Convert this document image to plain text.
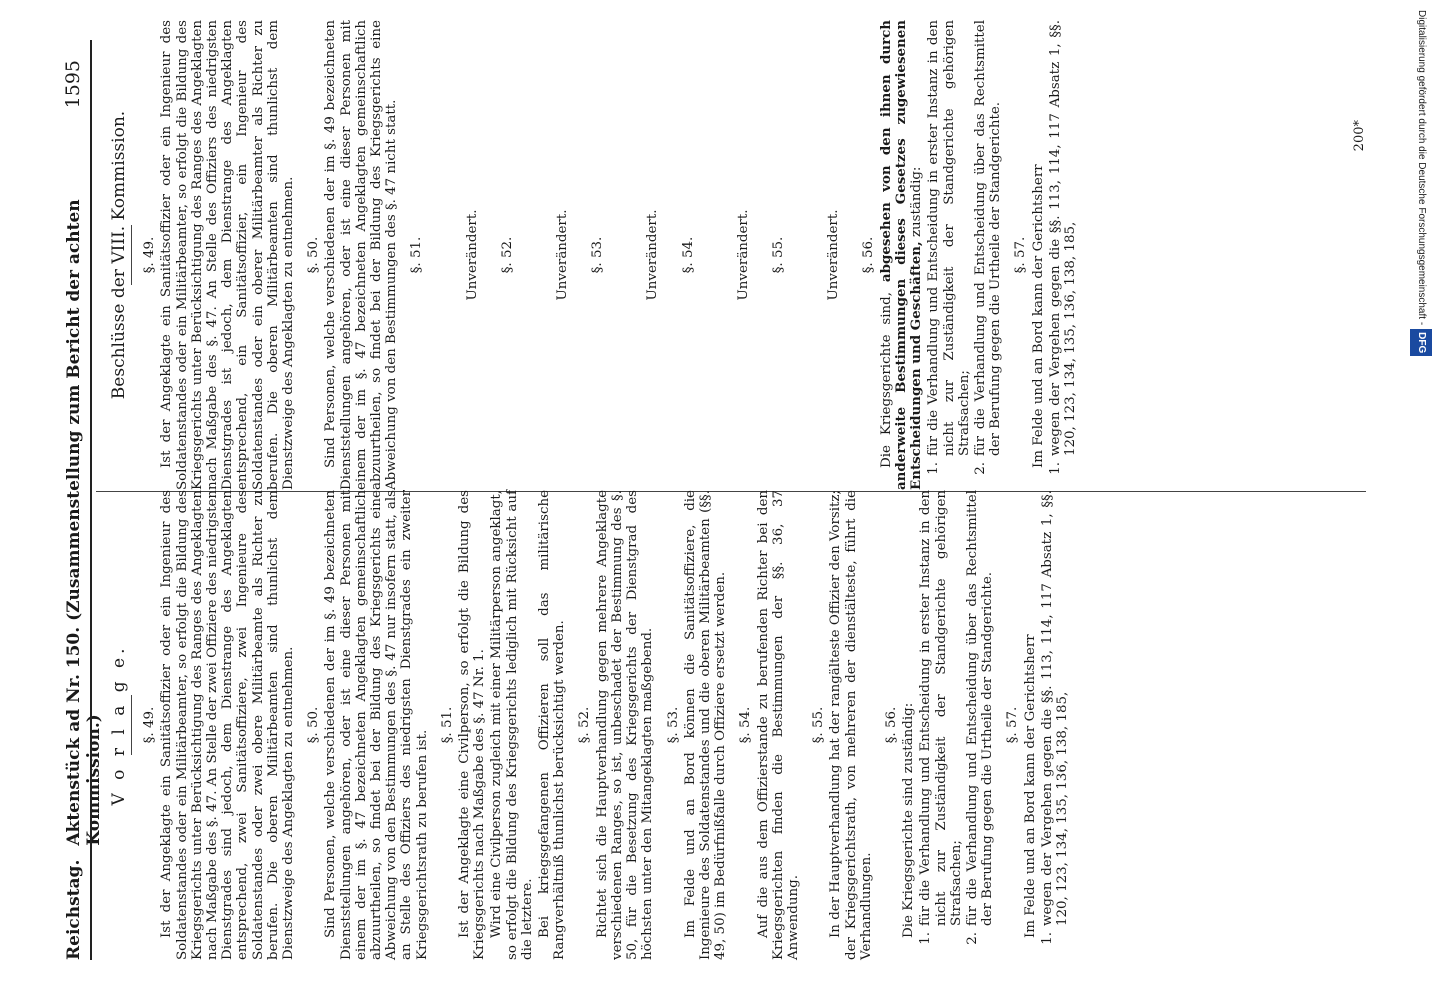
Reichstag.
Aktenstück ad Nr. 150. (Zusammenstellung zum Bericht der achten Kommission.)
1595
V o r l a g e. §. 49. Ist der Angeklagte ein Sanitätsoffizier oder ein Ingenieur des Soldatenstandes oder ein Militärbeamter, so erfolgt die Bildung des Kriegsgerichts unter Berücksichtigung des Ranges des Angeklagten nach Maßgabe des §. 47. An Stelle der zwei Offiziere des niedrigsten Dienstgrades sind jedoch, dem Dienstrange des Angeklagten entsprechend, zwei Sanitätsoffiziere, zwei Ingenieure des Soldatenstandes oder zwei obere Militärbeamte als Richter zu berufen. Die oberen Militärbeamten sind thunlichst dem Dienstzweige des Angeklagten zu entnehmen. §. 50. Sind Personen, welche verschiedenen der im §. 49 bezeichneten Dienststellungen angehören, oder ist eine dieser Personen mit einem der im §. 47 bezeichneten Angeklagten gemeinschaftlich abzuurtheilen, so findet bei der Bildung des Kriegsgerichts eine Abweichung von den Bestimmungen des §. 47 nur insofern statt, als an Stelle des Offiziers des niedrigsten Dienstgrades ein zweiter Kriegsgerichtsrath zu berufen ist.

§. 51. Ist der Angeklagte eine Civilperson, so erfolgt die Bildung des Kriegsgerichts nach Maßgabe des §. 47 Nr. 1. Wird eine Civilperson zugleich mit einer Militärperson angeklagt, so erfolgt die Bildung des Kriegsgerichts lediglich mit Rücksicht auf die letztere. Bei kriegsgefangenen Offizieren soll das militärische Rangverhältniß thunlichst berücksichtigt werden. §. 52. Richtet sich die Hauptverhandlung gegen mehrere Angeklagte verschiedenen Ranges, so ist, unbeschadet der Bestimmung des §. 50, für die Besetzung des Kriegsgerichts der Dienstgrad des höchsten unter den Mitangeklagten maßgebend. §. 53. Im Felde und an Bord können die Sanitätsoffiziere, die Ingenieure des Soldatenstandes und die oberen Militärbeamten (§§. 49, 50) im Bedürfnißfalle durch Offiziere ersetzt werden. §. 54. Auf die aus dem Offizierstande zu berufenden Richter bei den Kriegsgerichten finden die Bestimmungen der §§. 36, 37 Anwendung.

§. 55. In der Hauptverhandlung hat der rangälteste Offizier den Vorsitz; der Kriegsgerichtsrath, von mehreren der dienstälteste, führt die Verhandlungen.

§. 56. Die Kriegsgerichte sind zuständig:

1.
für die Verhandlung und Entscheidung in erster Instanz in den nicht zur Zuständigkeit der Standgerichte gehörigen Strafsachen;
2.
für die Verhandlung und Entscheidung über das Rechtsmittel der Berufung gegen die Urtheile der Standgerichte. §. 57. Im Felde und an Bord kann der Gerichtsherr

1.
wegen der Vergehen gegen die §§. 113, 114, 117 Absatz 1, §§. 120, 123, 134, 135, 136, 138, 185,
Beschlüsse der VIII. Kommission. §. 49. Ist der Angeklagte ein Sanitätsoffizier oder ein Ingenieur des Soldatenstandes oder ein Militärbeamter, so erfolgt die Bildung des Kriegsgerichts unter Berücksichtigung des Ranges des Angeklagten nach Maßgabe des §. 47. An Stelle des Offiziers des niedrigsten Dienstgrades ist jedoch, dem Dienstrange des Angeklagten entsprechend, ein Sanitätsoffizier, ein Ingenieur des Soldatenstandes oder ein oberer Militärbeamter als Richter zu berufen. Die oberen Militärbeamten sind thunlichst dem Dienstzweige des Angeklagten zu entnehmen. §. 50. Sind Personen, welche verschiedenen der im §. 49 bezeichneten Dienststellungen angehören, oder ist eine dieser Personen mit einem der im §. 47 bezeichneten Angeklagten gemeinschaftlich abzuurtheilen, so findet bei der Bildung des Kriegsgerichts eine Abweichung von den Bestimmungen des §. 47 nicht statt. §. 51.	Unverändert. §. 52.	Unverändert. §. 53.	Unverändert. §. 54.	Unverändert. §. 55.	Unverändert. §. 56.

Die Kriegsgerichte sind, abgesehen von den ihnen durch anderweite Bestimmungen dieses Gesetzes zugewiesenen Entscheidungen und Geschäften, zuständig:

1.
für die Verhandlung und Entscheidung in erster Instanz in den nicht zur Zuständigkeit der Standgerichte gehörigen Strafsachen;
2.
für die Verhandlung und Entscheidung über das Rechtsmittel der Berufung gegen die Urtheile der Standgerichte. §. 57. Im Felde und an Bord kann der Gerichtsherr

1.
wegen der Vergehen gegen die §§. 113, 114, 117 Absatz 1, §§. 120, 123, 134, 135, 136, 138, 185,
200*	Digitalisierung gefördert durch die Deutsche Forschungsgemeinschaft -DFG
